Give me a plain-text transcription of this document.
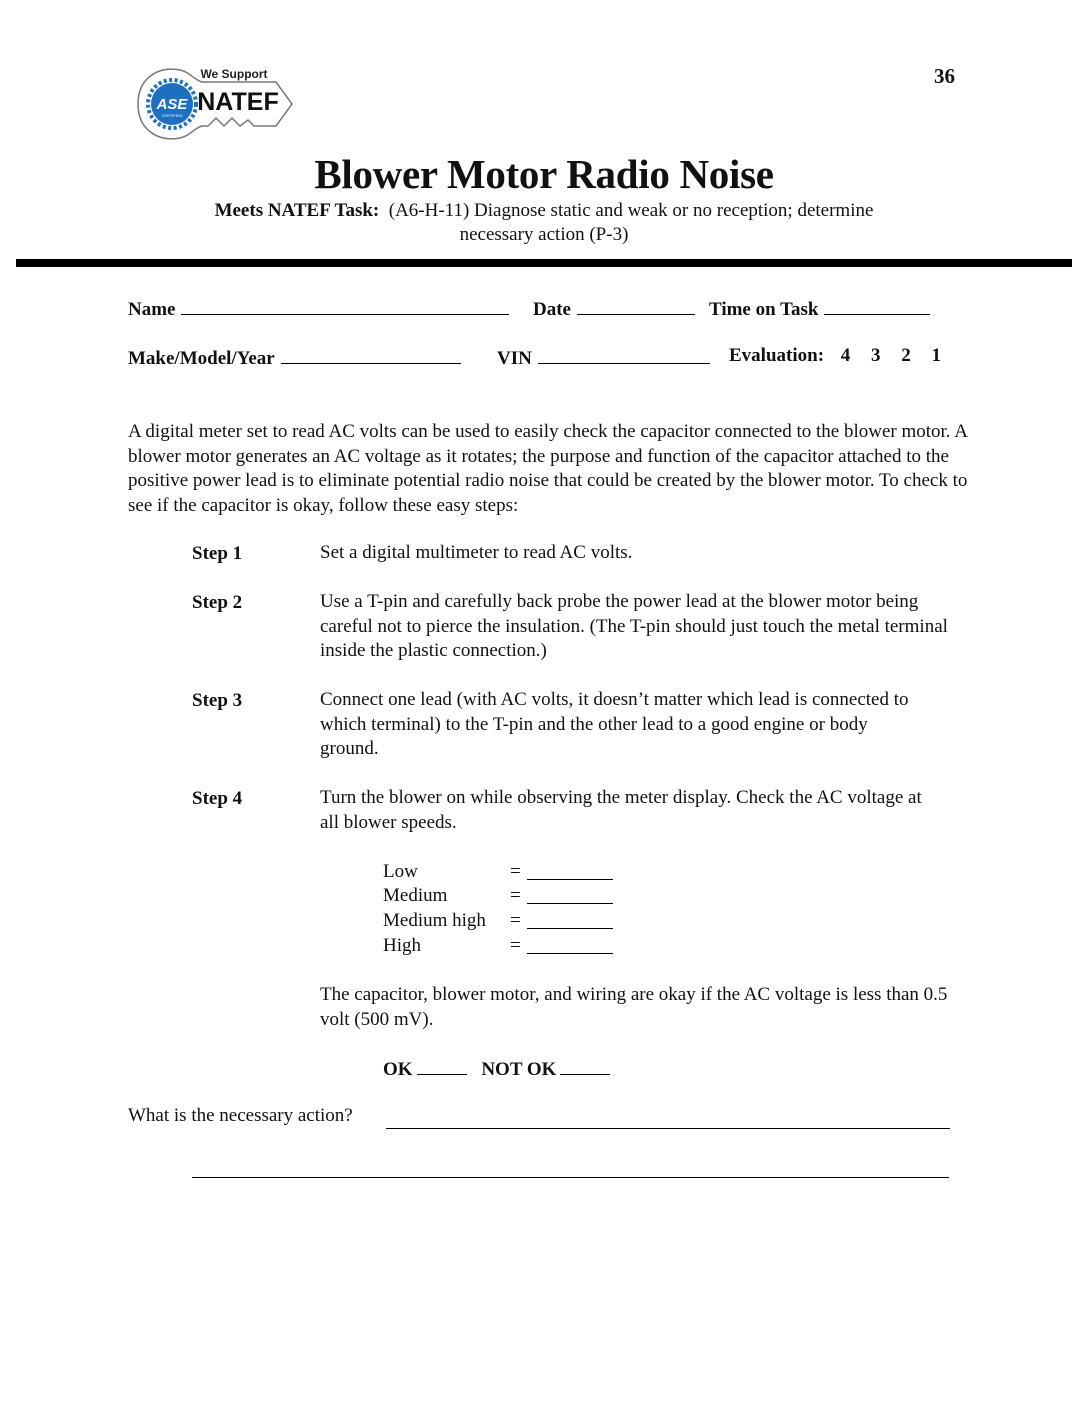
ASE
CERTIFIED
We Support
NATEF
36
Blower Motor Radio Noise
Meets NATEF Task: (A6-H-11) Diagnose static and weak or no reception; determine
necessary action (P-3)
Name	Date	Time on Task
Make/Model/Year	VIN	Evaluation: 4 3 2 1
A digital meter set to read AC volts can be used to easily check the capacitor connected to the blower motor. A blower motor generates an AC voltage as it rotates; the purpose and function of the capacitor attached to the positive power lead is to eliminate potential radio noise that could be created by the blower motor. To check to see if the capacitor is okay, follow these easy steps:
Step 1	Set a digital multimeter to read AC volts.
Step 2	Use a T-pin and carefully back probe the power lead at the blower motor being careful not to pierce the insulation. (The T-pin should just touch the metal terminal inside the plastic connection.)
Step 3	Connect one lead (with AC volts, it doesn’t matter which lead is connected to which terminal) to the T-pin and the other lead to a good engine or body ground.
Step 4	Turn the blower on while observing the meter display. Check the AC voltage at all blower speeds.
Low	=
Medium	=
Medium high =
High	=
The capacitor, blower motor, and wiring are okay if the AC voltage is less than 0.5 volt (500 mV).
OK	NOT OK
What is the necessary action?
